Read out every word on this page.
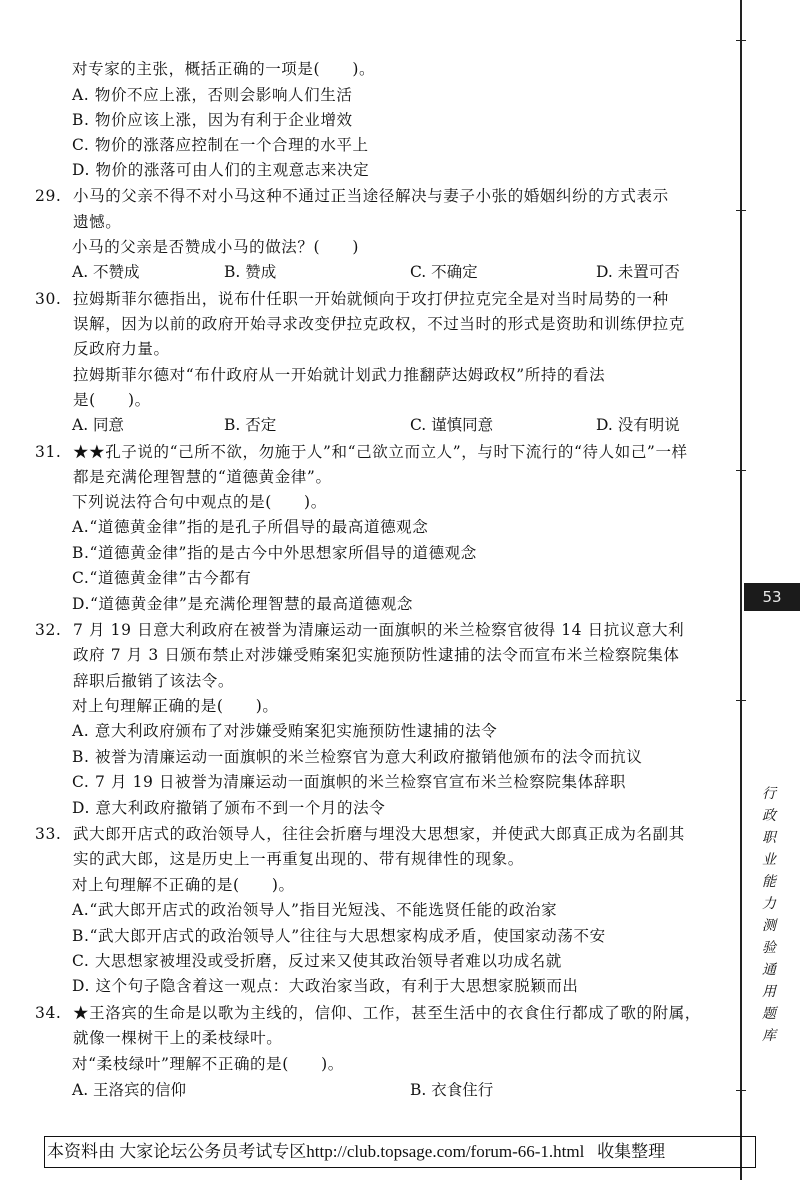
对专家的主张，概括正确的一项是(　　)。
A. 物价不应上涨，否则会影响人们生活
B. 物价应该上涨，因为有利于企业增效
C. 物价的涨落应控制在一个合理的水平上
D. 物价的涨落可由人们的主观意志来决定
29. 小马的父亲不得不对小马这种不通过正当途径解决与妻子小张的婚姻纠纷的方式表示
遗憾。
小马的父亲是否赞成小马的做法？(　　)
A. 不赞成	B. 赞成	C. 不确定	D. 未置可否
30. 拉姆斯菲尔德指出，说布什任职一开始就倾向于攻打伊拉克完全是对当时局势的一种
误解，因为以前的政府开始寻求改变伊拉克政权，不过当时的形式是资助和训练伊拉克
反政府力量。
拉姆斯菲尔德对“布什政府从一开始就计划武力推翻萨达姆政权”所持的看法
是(　　)。
A. 同意	B. 否定	C. 谨慎同意	D. 没有明说
31. ★★孔子说的“己所不欲，勿施于人”和“己欲立而立人”，与时下流行的“待人如己”一样
都是充满伦理智慧的“道德黄金律”。
下列说法符合句中观点的是(　　)。
A.“道德黄金律”指的是孔子所倡导的最高道德观念
B.“道德黄金律”指的是古今中外思想家所倡导的道德观念
C.“道德黄金律”古今都有
D.“道德黄金律”是充满伦理智慧的最高道德观念
32. 7 月 19 日意大利政府在被誉为清廉运动一面旗帜的米兰检察官彼得 14 日抗议意大利
政府 7 月 3 日颁布禁止对涉嫌受贿案犯实施预防性逮捕的法令而宣布米兰检察院集体
辞职后撤销了该法令。
对上句理解正确的是(　　)。
A. 意大利政府颁布了对涉嫌受贿案犯实施预防性逮捕的法令
B. 被誉为清廉运动一面旗帜的米兰检察官为意大利政府撤销他颁布的法令而抗议
C. 7 月 19 日被誉为清廉运动一面旗帜的米兰检察官宣布米兰检察院集体辞职
D. 意大利政府撤销了颁布不到一个月的法令
33. 武大郎开店式的政治领导人，往往会折磨与埋没大思想家，并使武大郎真正成为名副其
实的武大郎，这是历史上一再重复出现的、带有规律性的现象。
对上句理解不正确的是(　　)。
A.“武大郎开店式的政治领导人”指目光短浅、不能选贤任能的政治家
B.“武大郎开店式的政治领导人”往往与大思想家构成矛盾，使国家动荡不安
C. 大思想家被埋没或受折磨，反过来又使其政治领导者难以功成名就
D. 这个句子隐含着这一观点：大政治家当政，有利于大思想家脱颖而出
34. ★王洛宾的生命是以歌为主线的，信仰、工作，甚至生活中的衣食住行都成了歌的附属，
就像一棵树干上的柔枝绿叶。
对“柔枝绿叶”理解不正确的是(　　)。
A. 王洛宾的信仰	B. 衣食住行
53
行政职业能力测验通用题库
本资料由 大家论坛公务员考试专区http://club.topsage.com/forum-66-1.html 收集整理
